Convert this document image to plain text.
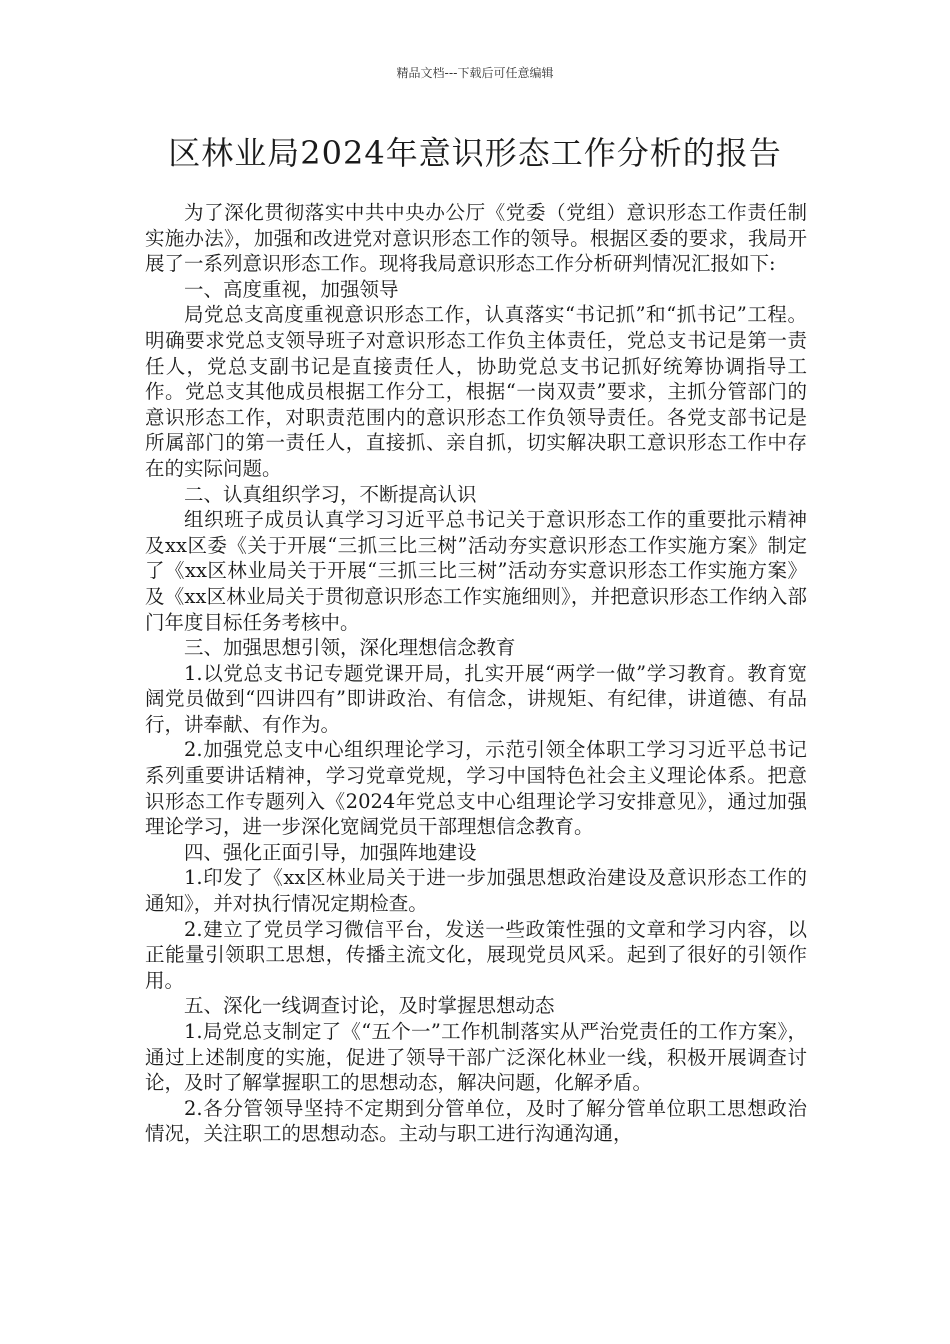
精品文档---下载后可任意编辑
区林业局2024年意识形态工作分析的报告

为了深化贯彻落实中共中央办公厅《党委（党组）意识形态工作责任制实施办法》，加强和改进党对意识形态工作的领导。根据区委的要求，我局开展了一系列意识形态工作。现将我局意识形态工作分析研判情况汇报如下:

一、高度重视，加强领导

局党总支高度重视意识形态工作，认真落实“书记抓”和“抓书记”工程。明确要求党总支领导班子对意识形态工作负主体责任，党总支书记是第一责任人，党总支副书记是直接责任人，协助党总支书记抓好统筹协调指导工作。党总支其他成员根据工作分工，根据“一岗双责”要求，主抓分管部门的意识形态工作，对职责范围内的意识形态工作负领导责任。各党支部书记是所属部门的第一责任人，直接抓、亲自抓，切实解决职工意识形态工作中存在的实际问题。

二、认真组织学习，不断提高认识

组织班子成员认真学习习近平总书记关于意识形态工作的重要批示精神及xx区委《关于开展“三抓三比三树”活动夯实意识形态工作实施方案》制定了《xx区林业局关于开展“三抓三比三树”活动夯实意识形态工作实施方案》及《xx区林业局关于贯彻意识形态工作实施细则》，并把意识形态工作纳入部门年度目标任务考核中。

三、加强思想引领，深化理想信念教育

1.以党总支书记专题党课开局，扎实开展“两学一做”学习教育。教育宽阔党员做到“四讲四有”即讲政治、有信念，讲规矩、有纪律，讲道德、有品行，讲奉献、有作为。

2.加强党总支中心组织理论学习，示范引领全体职工学习习近平总书记系列重要讲话精神，学习党章党规，学习中国特色社会主义理论体系。把意识形态工作专题列入《2024年党总支中心组理论学习安排意见》，通过加强理论学习，进一步深化宽阔党员干部理想信念教育。

四、强化正面引导，加强阵地建设

1.印发了《xx区林业局关于进一步加强思想政治建设及意识形态工作的通知》，并对执行情况定期检查。

2.建立了党员学习微信平台，发送一些政策性强的文章和学习内容，以正能量引领职工思想，传播主流文化，展现党员风采。起到了很好的引领作用。

五、深化一线调查讨论，及时掌握思想动态

1.局党总支制定了《“五个一”工作机制落实从严治党责任的工作方案》，通过上述制度的实施，促进了领导干部广泛深化林业一线，积极开展调查讨论，及时了解掌握职工的思想动态，解决问题，化解矛盾。

2.各分管领导坚持不定期到分管单位，及时了解分管单位职工思想政治情况，关注职工的思想动态。主动与职工进行沟通沟通，
